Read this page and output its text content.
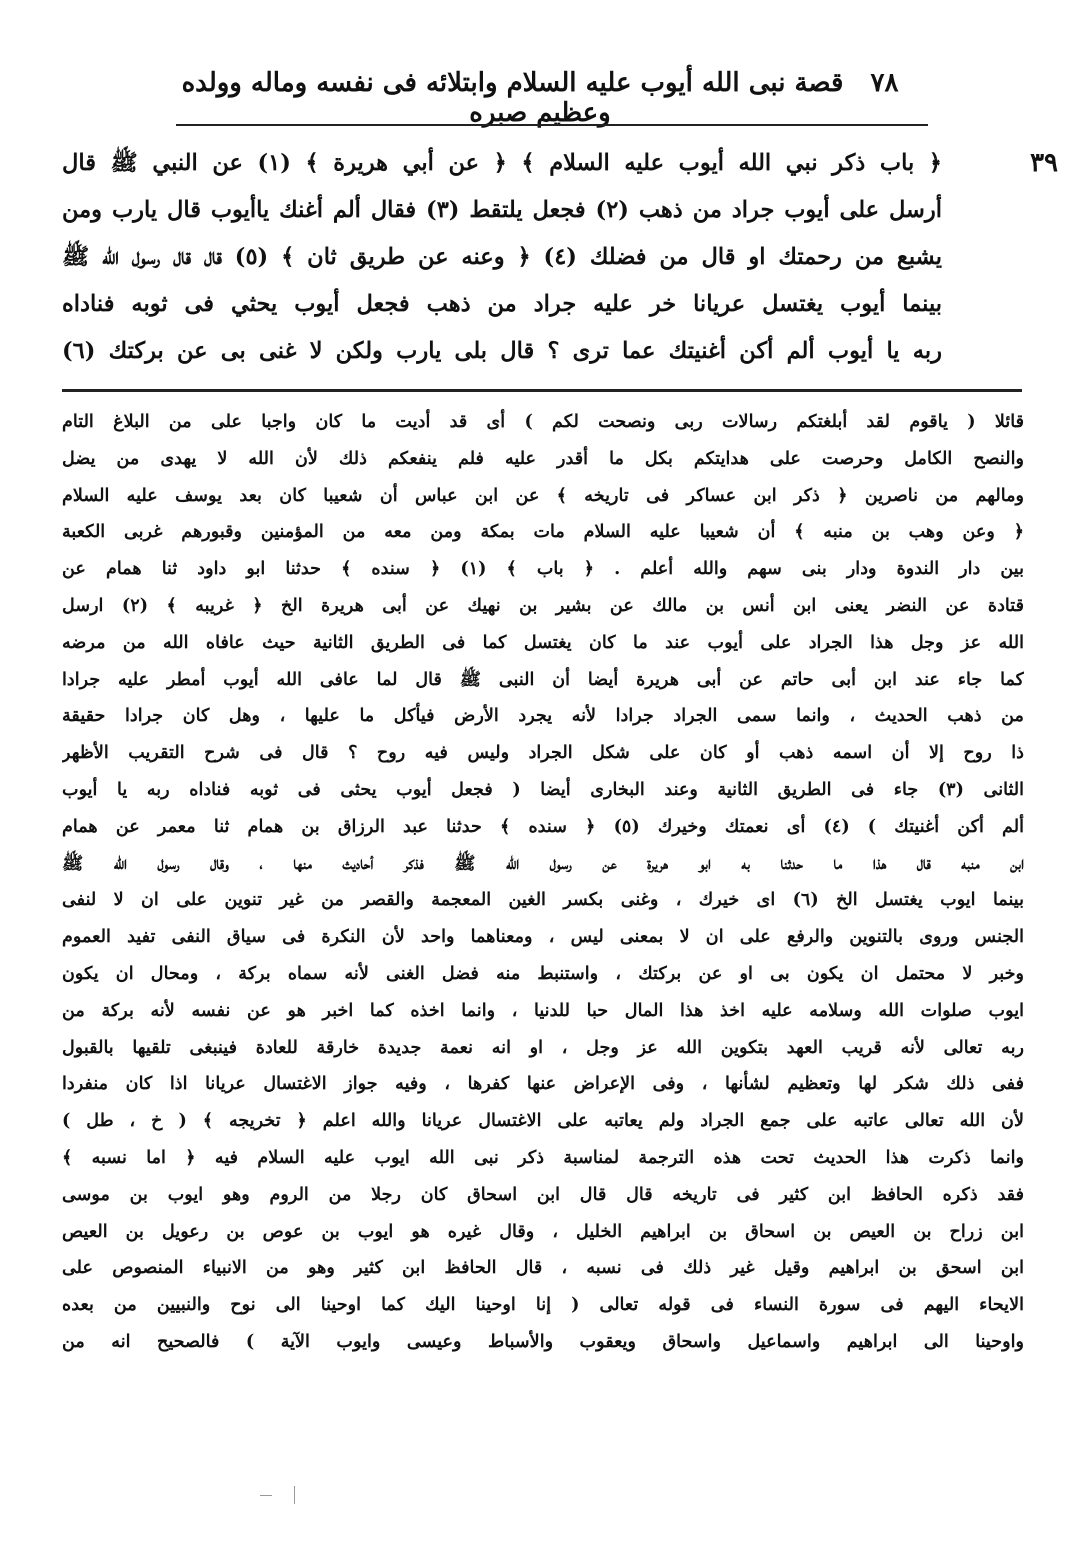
٧٨ قصة نبى الله أيوب عليه السلام وابتلائه فى نفسه وماله وولده وعظيم صبره
٣٩
﴿ باب ذكر نبي الله أيوب عليه السلام ﴾ ﴿ عن أبي هريرة ﴾ (١) عن النبي ﷺ قال
أرسل على أيوب جراد من ذهب (٢) فجعل يلتقط (٣) فقال ألم أغنك ياأيوب قال يارب ومن
يشبع من رحمتك او قال من فضلك (٤) ﴿ وعنه عن طريق ثان ﴾ (٥) قال قال رسول الله ﷺ
بينما أيوب يغتسل عريانا خر عليه جراد من ذهب فجعل أيوب يحثي فى ثوبه فناداه
ربه يا أيوب ألم أكن أغنيتك عما ترى ؟ قال بلى يارب ولكن لا غنى بى عن بركتك (٦)
قائلا ( ياقوم لقد أبلغتكم رسالات ربى ونصحت لكم ) أى قد أديت ما كان واجبا على من البلاغ التام
والنصح الكامل وحرصت على هدايتكم بكل ما أقدر عليه فلم ينفعكم ذلك لأن الله لا يهدى من يضل
ومالهم من ناصرين ﴿ ذكر ابن عساكر فى تاريخه ﴾ عن ابن عباس أن شعيبا كان بعد يوسف عليه السلام
﴿ وعن وهب بن منبه ﴾ أن شعيبا عليه السلام مات بمكة ومن معه من المؤمنين وقبورهم غربى الكعبة
بين دار الندوة ودار بنى سهم والله أعلم . ﴿ باب ﴾ (١) ﴿ سنده ﴾ حدثنا ابو داود ثنا همام عن
قتادة عن النضر يعنى ابن أنس بن مالك عن بشير بن نهيك عن أبى هريرة الخ ﴿ غريبه ﴾ (٢) ارسل
الله عز وجل هذا الجراد على أيوب عند ما كان يغتسل كما فى الطريق الثانية حيث عافاه الله من مرضه
كما جاء عند ابن أبى حاتم عن أبى هريرة أيضا أن النبى ﷺ قال لما عافى الله أيوب أمطر عليه جرادا
من ذهب الحديث ، وانما سمى الجراد جرادا لأنه يجرد الأرض فيأكل ما عليها ، وهل كان جرادا حقيقة
ذا روح إلا أن اسمه ذهب أو كان على شكل الجراد وليس فيه روح ؟ قال فى شرح التقريب الأظهر
الثانى (٣) جاء فى الطريق الثانية وعند البخارى أيضا ( فجعل أيوب يحثى فى ثوبه فناداه ربه يا أيوب
ألم أكن أغنيتك ) (٤) أى نعمتك وخيرك (٥) ﴿ سنده ﴾ حدثنا عبد الرزاق بن همام ثنا معمر عن همام
ابن منبه قال هذا ما حدثنا به ابو هريرة عن رسول الله ﷺ فذكر أحاديث منها ، وقال رسول الله ﷺ
بينما ايوب يغتسل الخ (٦) اى خيرك ، وغنى بكسر الغين المعجمة والقصر من غير تنوين على ان لا لنفى
الجنس وروى بالتنوين والرفع على ان لا بمعنى ليس ، ومعناهما واحد لأن النكرة فى سياق النفى تفيد العموم
وخبر لا محتمل ان يكون بى او عن بركتك ، واستنبط منه فضل الغنى لأنه سماه بركة ، ومحال ان يكون
ايوب صلوات الله وسلامه عليه اخذ هذا المال حبا للدنيا ، وانما اخذه كما اخبر هو عن نفسه لأنه بركة من
ربه تعالى لأنه قريب العهد بتكوين الله عز وجل ، او انه نعمة جديدة خارقة للعادة فينبغى تلقيها بالقبول
ففى ذلك شكر لها وتعظيم لشأنها ، وفى الإعراض عنها كفرها ، وفيه جواز الاغتسال عريانا اذا كان منفردا
لأن الله تعالى عاتبه على جمع الجراد ولم يعاتبه على الاغتسال عريانا والله اعلم ﴿ تخريجه ﴾ ( خ ، طل )
وانما ذكرت هذا الحديث تحت هذه الترجمة لمناسبة ذكر نبى الله ايوب عليه السلام فيه ﴿ اما نسبه ﴾
فقد ذكره الحافظ ابن كثير فى تاريخه قال قال ابن اسحاق كان رجلا من الروم وهو ايوب بن موسى
ابن زراح بن العيص بن اسحاق بن ابراهيم الخليل ، وقال غيره هو ايوب بن عوص بن رعويل بن العيص
ابن اسحق بن ابراهيم وقيل غير ذلك فى نسبه ، قال الحافظ ابن كثير وهو من الانبياء المنصوص على
الايحاء اليهم فى سورة النساء فى قوله تعالى ( إنا اوحينا اليك كما اوحينا الى نوح والنبيين من بعده
واوحينا الى ابراهيم واسماعيل واسحاق ويعقوب والأسباط وعيسى وايوب الآية ) فالصحيح انه من
